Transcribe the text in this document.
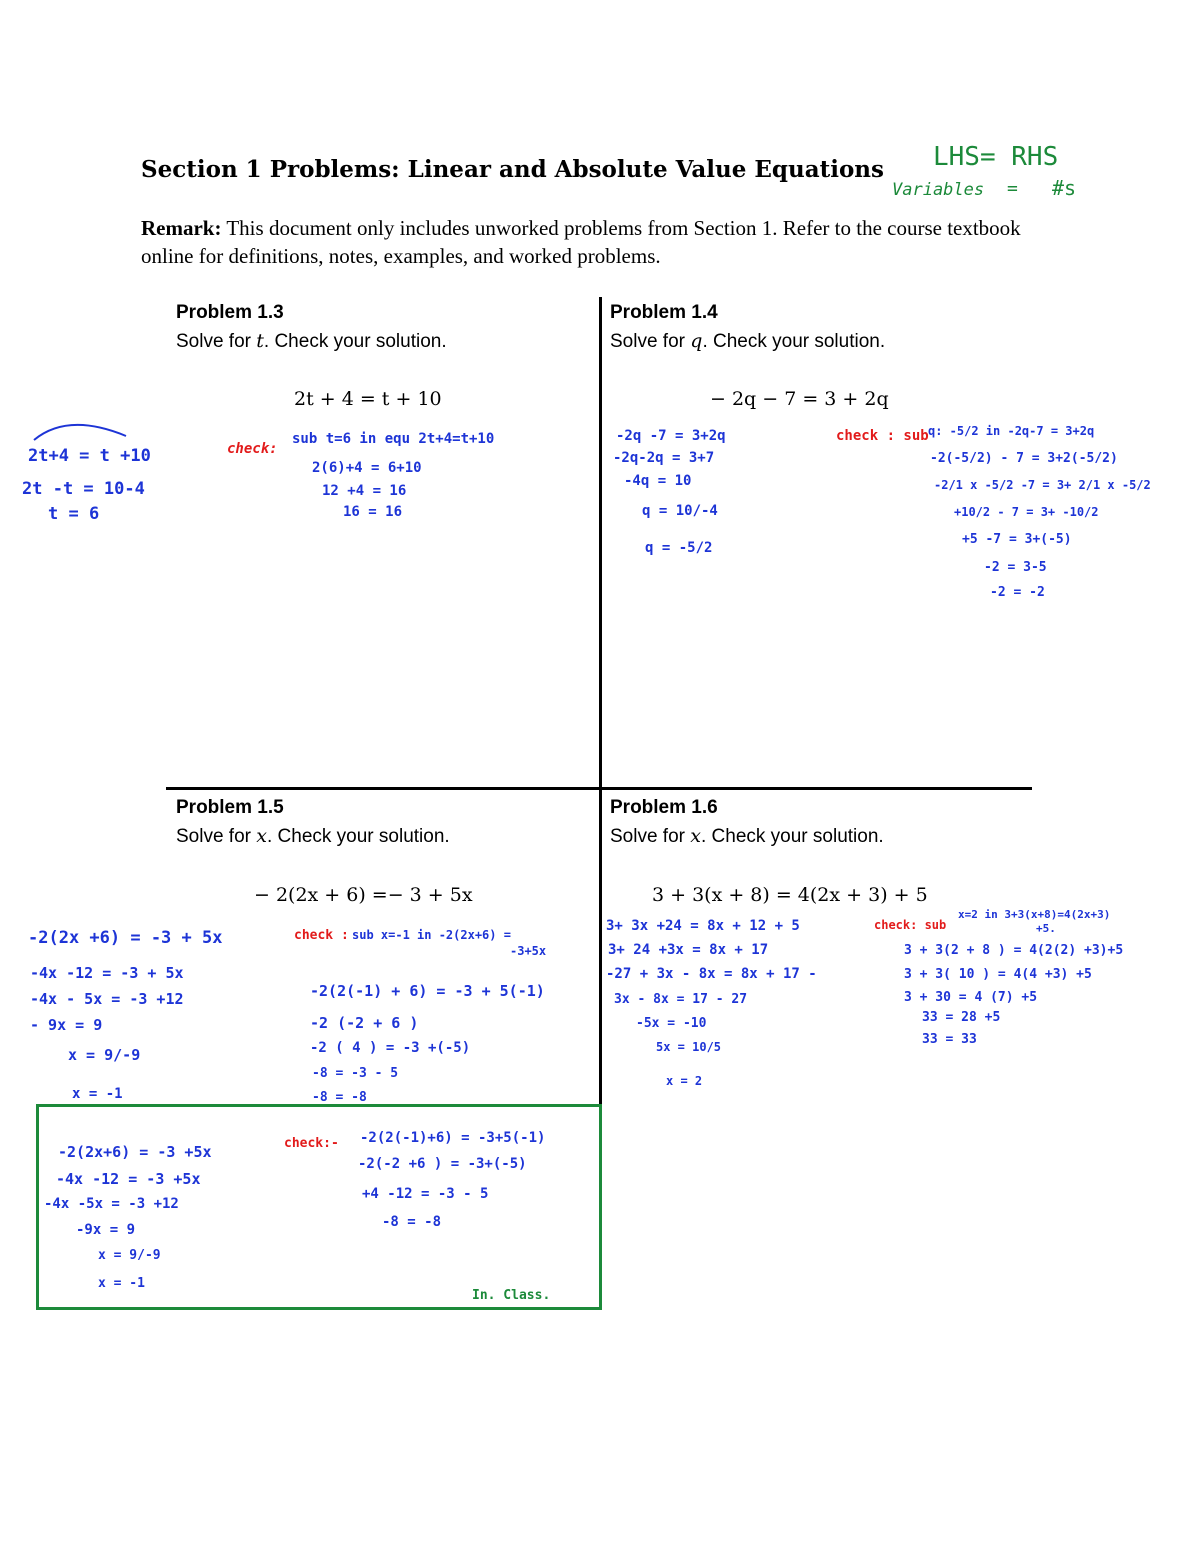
Section 1 Problems: Linear and Absolute Value Equations LHS= RHS
Variables = #s
Remark: This document only includes unworked problems from Section 1. Refer to the course textbook online for definitions, notes, examples, and worked problems.
Problem 1.3
Solve for t. Check your solution.
2t + 4 = t + 10
2t+4 = t +10
2t -t = 10-4
t = 6
check:
sub t=6 in equ 2t+4=t+10
2(6)+4 = 6+10
12 +4 = 16
16 = 16
Problem 1.4
Solve for q. Check your solution.
− 2q − 7 = 3 + 2q
-2q -7 = 3+2q
-2q-2q = 3+7
-4q = 10
q = 10/-4
q = -5/2
check : sub q: -5/2 in -2q-7 = 3+2q
-2(-5/2) - 7 = 3+2(-5/2)
-2/1 x -5/2 -7 = 3+ 2/1 x -5/2
+10/2 - 7 = 3+ -10/2
+5 -7 = 3+(-5)
-2 = 3-5
-2 = -2
Problem 1.5
Solve for x. Check your solution.
− 2(2x + 6) =− 3 + 5x
-2(2x +6) = -3 + 5x
-4x -12 = -3 + 5x
-4x - 5x = -3 +12
- 9x = 9
x = 9/-9
x = -1
check : sub x=-1 in -2(2x+6) =
-3+5x
-2(2(-1) + 6) = -3 + 5(-1)
-2 (-2 + 6 )
-2 ( 4 ) = -3 +(-5)
-8 = -3 - 5
-8 = -8
Problem 1.6
Solve for x. Check your solution.
3 + 3(x + 8) = 4(2x + 3) + 5
3+ 3x +24 = 8x + 12 + 5
3+ 24 +3x = 8x + 17
-27 + 3x - 8x = 8x + 17 -
3x - 8x = 17 - 27
-5x = -10
5x = 10/5
x = 2
check: sub
x=2 in 3+3(x+8)=4(2x+3)
+5.
3 + 3(2 + 8 ) = 4(2(2) +3)+5
3 + 3( 10 ) = 4(4 +3) +5
3 + 30 = 4 (7) +5
33 = 28 +5
33 = 33
-2(2x+6) = -3 +5x
-4x -12 = -3 +5x
-4x -5x = -3 +12
-9x = 9
x = 9/-9
x = -1
check:- -2(2(-1)+6) = -3+5(-1)
-2(-2 +6 ) = -3+(-5)
+4 -12 = -3 - 5
-8 = -8
In. Class.
